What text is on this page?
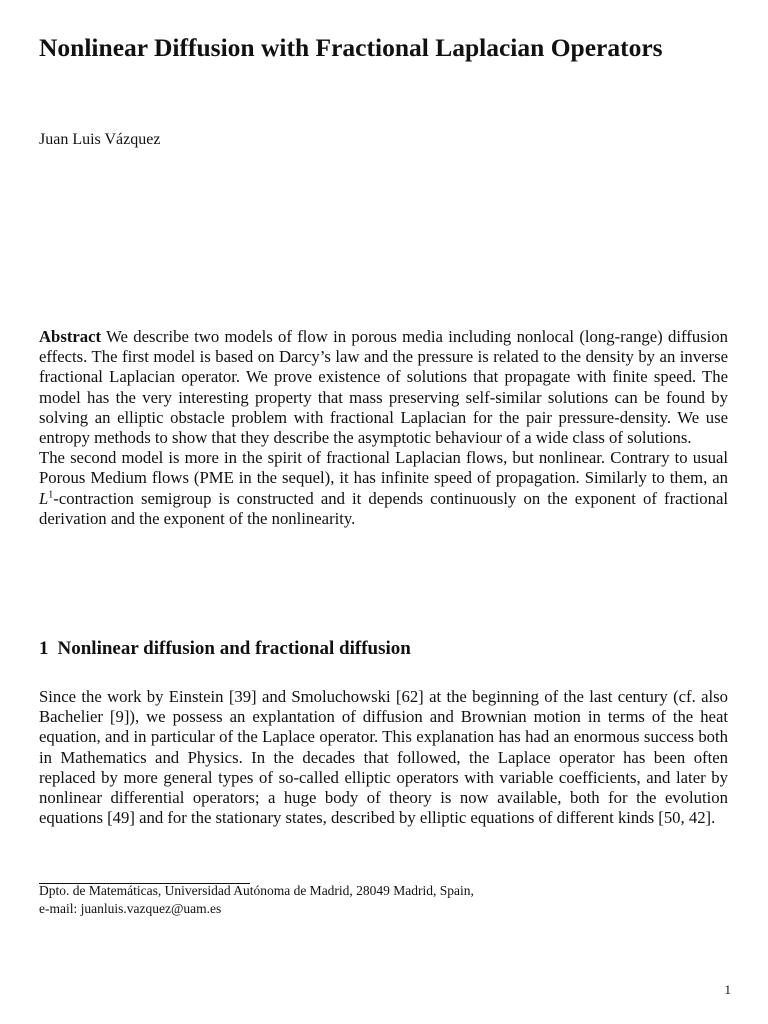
Nonlinear Diffusion with Fractional Laplacian Operators
Juan Luis Vázquez

Abstract We describe two models of flow in porous media including nonlocal (long-range) diffusion effects. The first model is based on Darcy’s law and the pressure is related to the density by an inverse fractional Laplacian operator. We prove existence of solutions that propagate with finite speed. The model has the very interesting property that mass preserving self-similar solutions can be found by solving an elliptic obstacle problem with fractional Laplacian for the pair pressure-density. We use entropy methods to show that they describe the asymptotic behaviour of a wide class of solutions.

The second model is more in the spirit of fractional Laplacian flows, but nonlinear. Contrary to usual Porous Medium flows (PME in the sequel), it has infinite speed of propagation. Similarly to them, an $L^1$-contraction semigroup is constructed and it depends continuously on the exponent of fractional derivation and the exponent of the nonlinearity.

1 Nonlinear diffusion and fractional diffusion

Since the work by Einstein [39] and Smoluchowski [62] at the beginning of the last century (cf. also Bachelier [9]), we possess an explantation of diffusion and Brownian motion in terms of the heat equation, and in particular of the Laplace operator. This explanation has had an enormous success both in Mathematics and Physics. In the decades that followed, the Laplace operator has been often replaced by more general types of so-called elliptic operators with variable coefficients, and later by nonlinear differential operators; a huge body of theory is now available, both for the evolution equations [49] and for the stationary states, described by elliptic equations of different kinds [50, 42].

Dpto. de Matemáticas, Universidad Autónoma de Madrid, 28049 Madrid, Spain,
e-mail: juanluis.vazquez@uam.es
1
